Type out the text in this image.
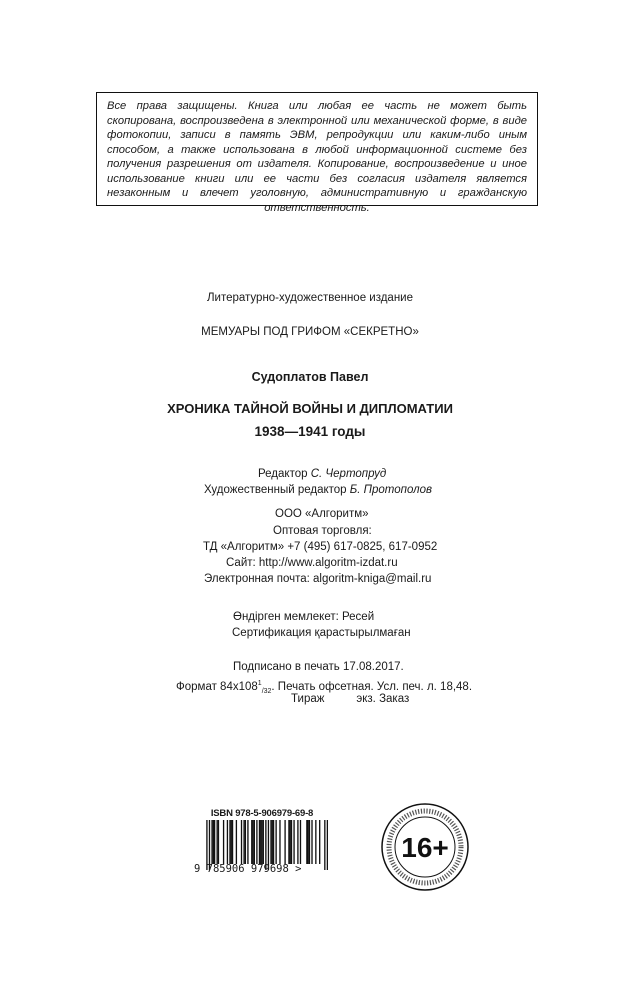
Все права защищены. Книга или любая ее часть не может быть скопирована, воспроизведена в электронной или механической форме, в виде фотокопии, записи в память ЭВМ, репродукции или каким-либо иным способом, а также использована в любой информационной системе без получения разрешения от издателя. Копирование, воспроизведение и иное использование книги или ее части без согласия издателя является незаконным и влечет уголовную, административную и гражданскую ответственность.

Литературно-художественное издание
МЕМУАРЫ ПОД ГРИФОМ «СЕКРЕТНО»
Судоплатов Павел
ХРОНИКА ТАЙНОЙ ВОЙНЫ И ДИПЛОМАТИИ
1938—1941 годы
Редактор С. Чертопруд
Художественный редактор Б. Протополов
ООО «Алгоритм»
Оптовая торговля:
ТД «Алгоритм» +7 (495) 617-0825, 617-0952
Сайт: http://www.algoritm-izdat.ru
Электронная почта: algoritm-kniga@mail.ru
Өндірген мемлекет: Ресей
Сертификация қарастырылмаған
Подписано в печать 17.08.2017.
Формат $84х108^1_{/32}$. Печать офсетная. Усл. печ. л. 18,48.
Тираж          экз. Заказ
ISBN 978-5-906979-69-8
9 785906 979698 >
16+
